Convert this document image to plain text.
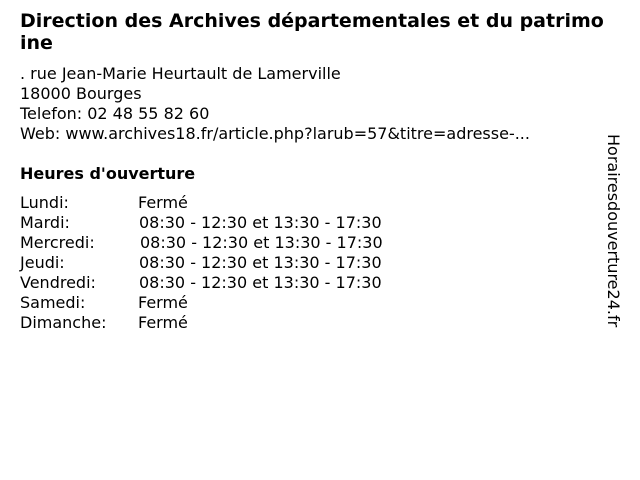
Direction des Archives départementales et du patrimoine
. rue Jean-Marie Heurtault de Lamerville
18000 Bourges
Telefon: 02 48 55 82 60
Web: www.archives18.fr/article.php?larub=57&titre=adresse-...
Heures d'ouverture
Lundi:	Fermé
Mardi:	08:30 - 12:30 et 13:30 - 17:30
Mercredi:	08:30 - 12:30 et 13:30 - 17:30
Jeudi:	08:30 - 12:30 et 13:30 - 17:30
Vendredi:	08:30 - 12:30 et 13:30 - 17:30
Samedi:	Fermé
Dimanche: Fermé	Horairesdouverture24.fr
